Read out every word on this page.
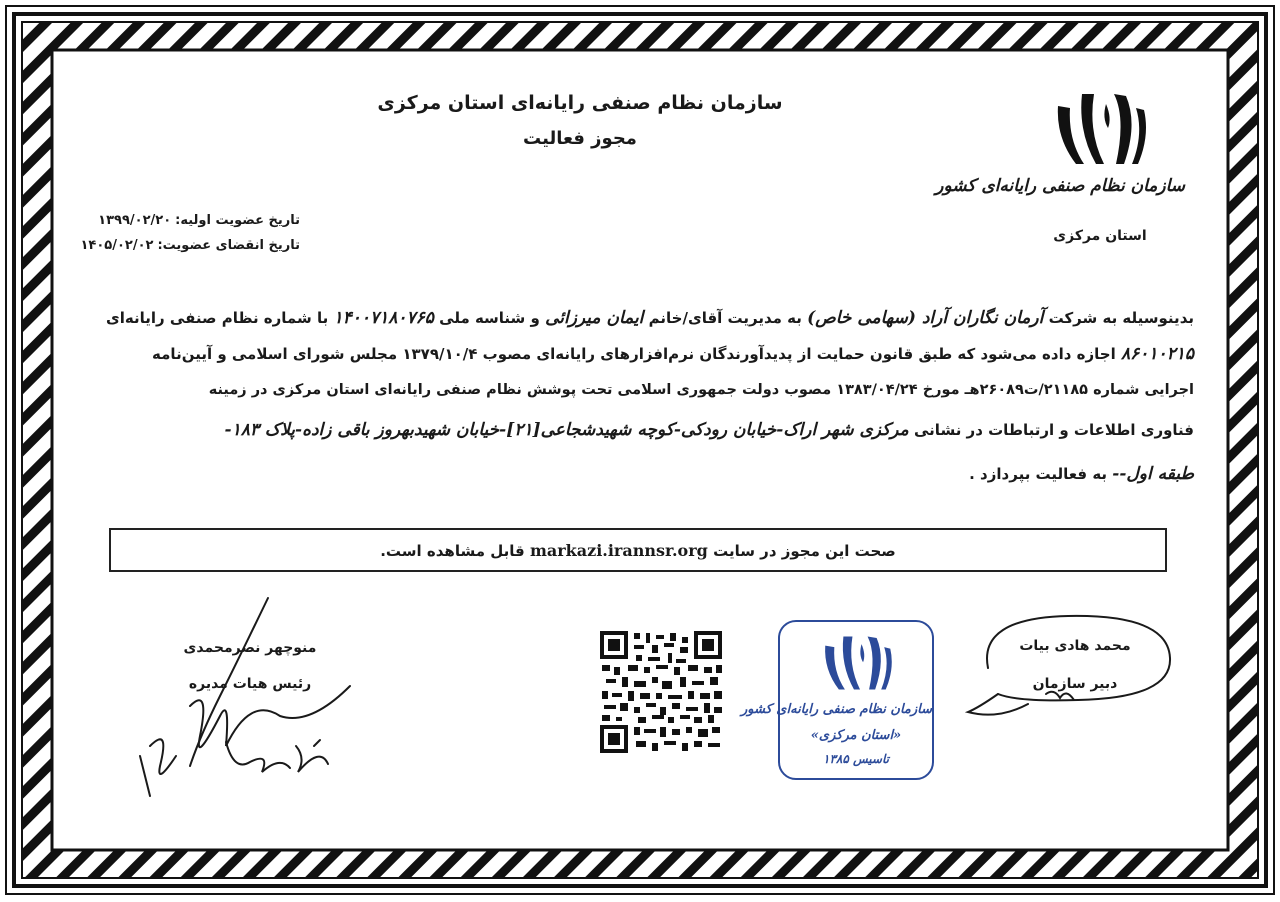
سازمان نظام صنفی رایانه‌ای استان مرکزی
مجوز فعالیت
سازمان نظام صنفی رایانه‌ای کشور
استان مرکزی
تاریخ عضویت اولیه:۱۳۹۹/۰۲/۲۰
تاریخ انقضای عضویت:۱۴۰۵/۰۲/۰۲
بدینوسیله به شرکت آرمان نگاران آراد (سهامی خاص) به مدیریت آقای/خانم ایمان میرزائی و شناسه ملی ۱۴۰۰۷۱۸۰۷۶۵ با شماره نظام صنفی رایانه‌ای
۸۶۰۱۰۲۱۵ اجازه داده می‌شود که طبق قانون حمایت از پدیدآورندگان نرم‌افزارهای رایانه‌ای مصوب ۱۳۷۹/۱۰/۴ مجلس شورای اسلامی و آیین‌نامه
اجرایی شماره ۲۱۱۸۵/ت۲۶۰۸۹هـ مورخ ۱۳۸۳/۰۴/۲۴ مصوب دولت جمهوری اسلامی تحت پوشش نظام صنفی رایانه‌ای استان مرکزی در زمینه
فناوری اطلاعات و ارتباطات در نشانی مرکزی شهر اراک-خیابان رودکی-کوچه شهیدشجاعی[۲۱]-خیابان شهیدبهروز باقی زاده-پلاک ۱۸۳-
طبقه اول-- به فعالیت بپردازد .
صحت این مجوز در سایت markazi.irannsr.org قابل مشاهده است.
منوچهر نصرمحمدی
رئیس هیات مدیره
سازمان نظام صنفی رایانه‌ای کشور
«استان مرکزی»
تاسیس ۱۳۸۵
محمد هادی بیات
دبیر سازمان
